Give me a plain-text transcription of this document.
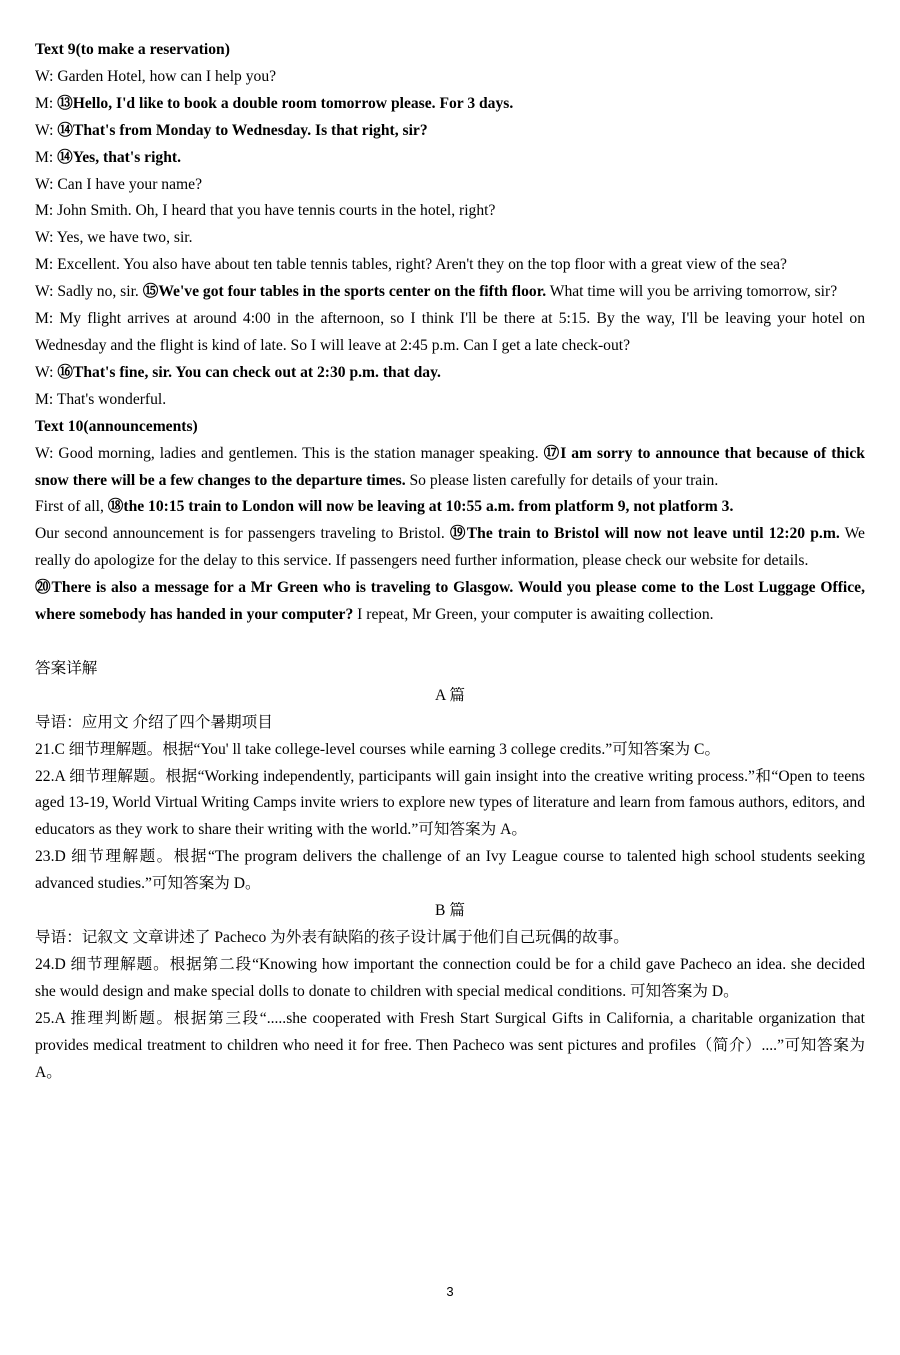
Text 9(to make a reservation)

W: Garden Hotel, how can I help you?

M: ⑬Hello, I'd like to book a double room tomorrow please. For 3 days.

W: ⑭That's from Monday to Wednesday. Is that right, sir?

M: ⑭Yes, that's right.

W: Can I have your name?

M: John Smith. Oh, I heard that you have tennis courts in the hotel, right?

W: Yes, we have two, sir.

M: Excellent. You also have about ten table tennis tables, right? Aren't they on the top floor with a great view of the sea?

W: Sadly no, sir. ⑮We've got four tables in the sports center on the fifth floor. What time will you be arriving tomorrow, sir?

M: My flight arrives at around 4:00 in the afternoon, so I think I'll be there at 5:15. By the way, I'll be leaving your hotel on Wednesday and the flight is kind of late. So I will leave at 2:45 p.m. Can I get a late check-out?

W: ⑯That's fine, sir. You can check out at 2:30 p.m. that day.

M: That's wonderful.

Text 10(announcements)

W: Good morning, ladies and gentlemen. This is the station manager speaking. ⑰I am sorry to announce that because of thick snow there will be a few changes to the departure times. So please listen carefully for details of your train.

First of all, ⑱the 10:15 train to London will now be leaving at 10:55 a.m. from platform 9, not platform 3.

Our second announcement is for passengers traveling to Bristol. ⑲The train to Bristol will now not leave until 12:20 p.m. We really do apologize for the delay to this service. If passengers need further information, please check our website for details.

⑳There is also a message for a Mr Green who is traveling to Glasgow. Would you please come to the Lost Luggage Office, where somebody has handed in your computer? I repeat, Mr Green, your computer is awaiting collection.

答案详解

A 篇

导语：应用文 介绍了四个暑期项目

21.C 细节理解题。根据“You' ll take college-level courses while earning 3 college credits.”可知答案为 C。

22.A 细节理解题。根据“Working independently, participants will gain insight into the creative writing process.”和“Open to teens aged 13-19, World Virtual Writing Camps invite wriers to explore new types of literature and learn from famous authors, editors, and educators as they work to share their writing with the world.”可知答案为 A。

23.D 细节理解题。根据“The program delivers the challenge of an Ivy League course to talented high school students seeking advanced studies.”可知答案为 D。

B 篇

导语：记叙文 文章讲述了 Pacheco 为外表有缺陷的孩子设计属于他们自己玩偶的故事。

24.D 细节理解题。根据第二段“Knowing how important the connection could be for a child gave Pacheco an idea. she decided she would design and make special dolls to donate to children with special medical conditions. 可知答案为 D。

25.A 推理判断题。根据第三段“.....she cooperated with Fresh Start Surgical Gifts in California, a charitable organization that provides medical treatment to children who need it for free. Then Pacheco was sent pictures and profiles（简介）....”可知答案为 A。

3
